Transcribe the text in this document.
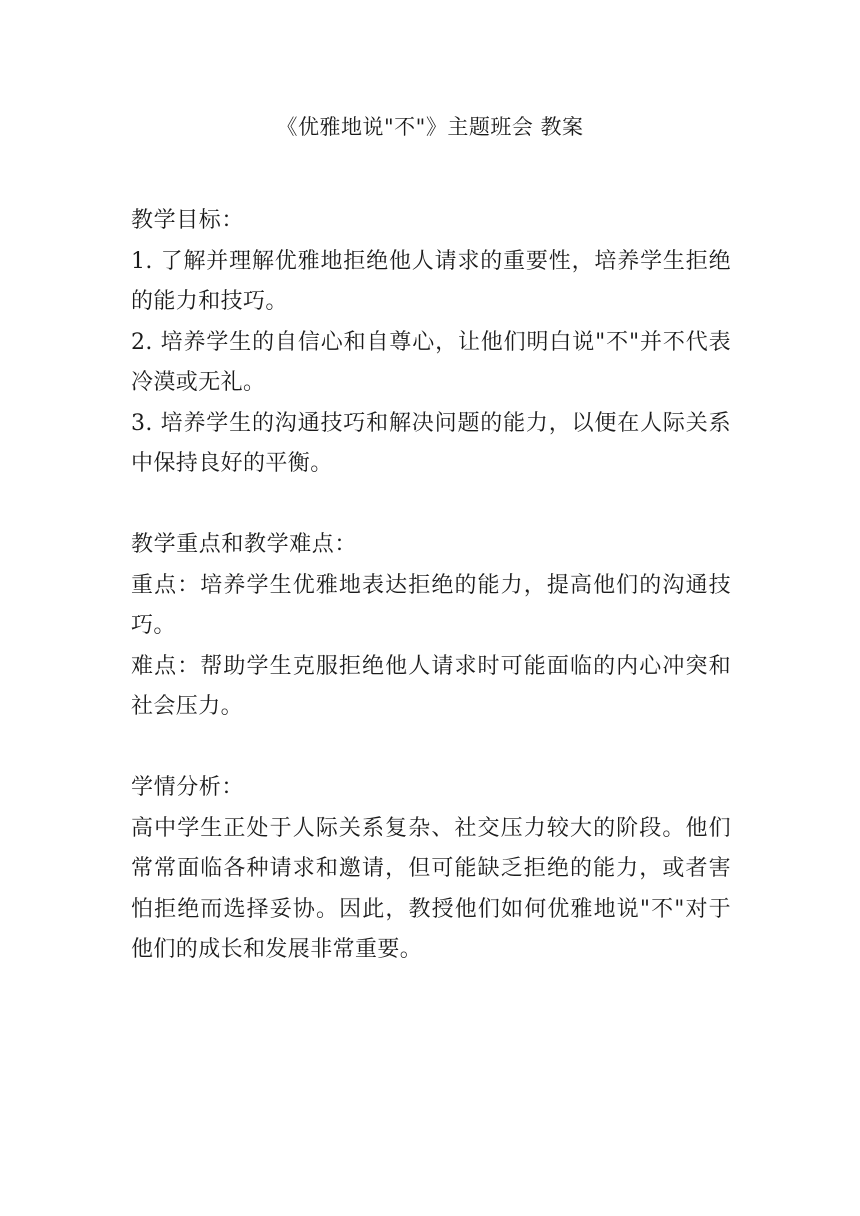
《优雅地说"不"》主题班会 教案

教学目标：

1. 了解并理解优雅地拒绝他人请求的重要性，培养学生拒绝的能力和技巧。

2. 培养学生的自信心和自尊心，让他们明白说"不"并不代表冷漠或无礼。

3. 培养学生的沟通技巧和解决问题的能力，以便在人际关系中保持良好的平衡。

教学重点和教学难点：

重点：培养学生优雅地表达拒绝的能力，提高他们的沟通技巧。

难点：帮助学生克服拒绝他人请求时可能面临的内心冲突和社会压力。

学情分析：

高中学生正处于人际关系复杂、社交压力较大的阶段。他们常常面临各种请求和邀请，但可能缺乏拒绝的能力，或者害怕拒绝而选择妥协。因此，教授他们如何优雅地说"不"对于他们的成长和发展非常重要。
